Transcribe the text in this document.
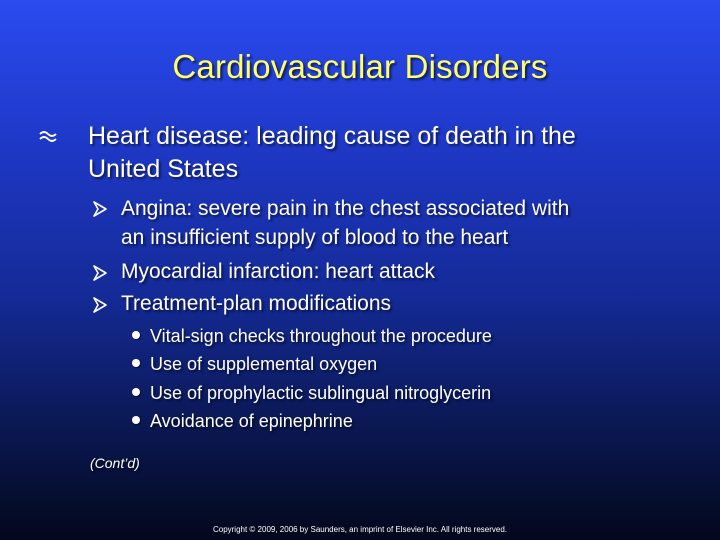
Cardiovascular Disorders
Heart disease: leading cause of death in the
United States
Angina: severe pain in the chest associated with
an insufficient supply of blood to the heart
Myocardial infarction: heart attack
Treatment-plan modifications
Vital-sign checks throughout the procedure
Use of supplemental oxygen
Use of prophylactic sublingual nitroglycerin
Avoidance of epinephrine
(Cont’d)
Copyright © 2009, 2006 by Saunders, an imprint of Elsevier Inc. All rights reserved.
